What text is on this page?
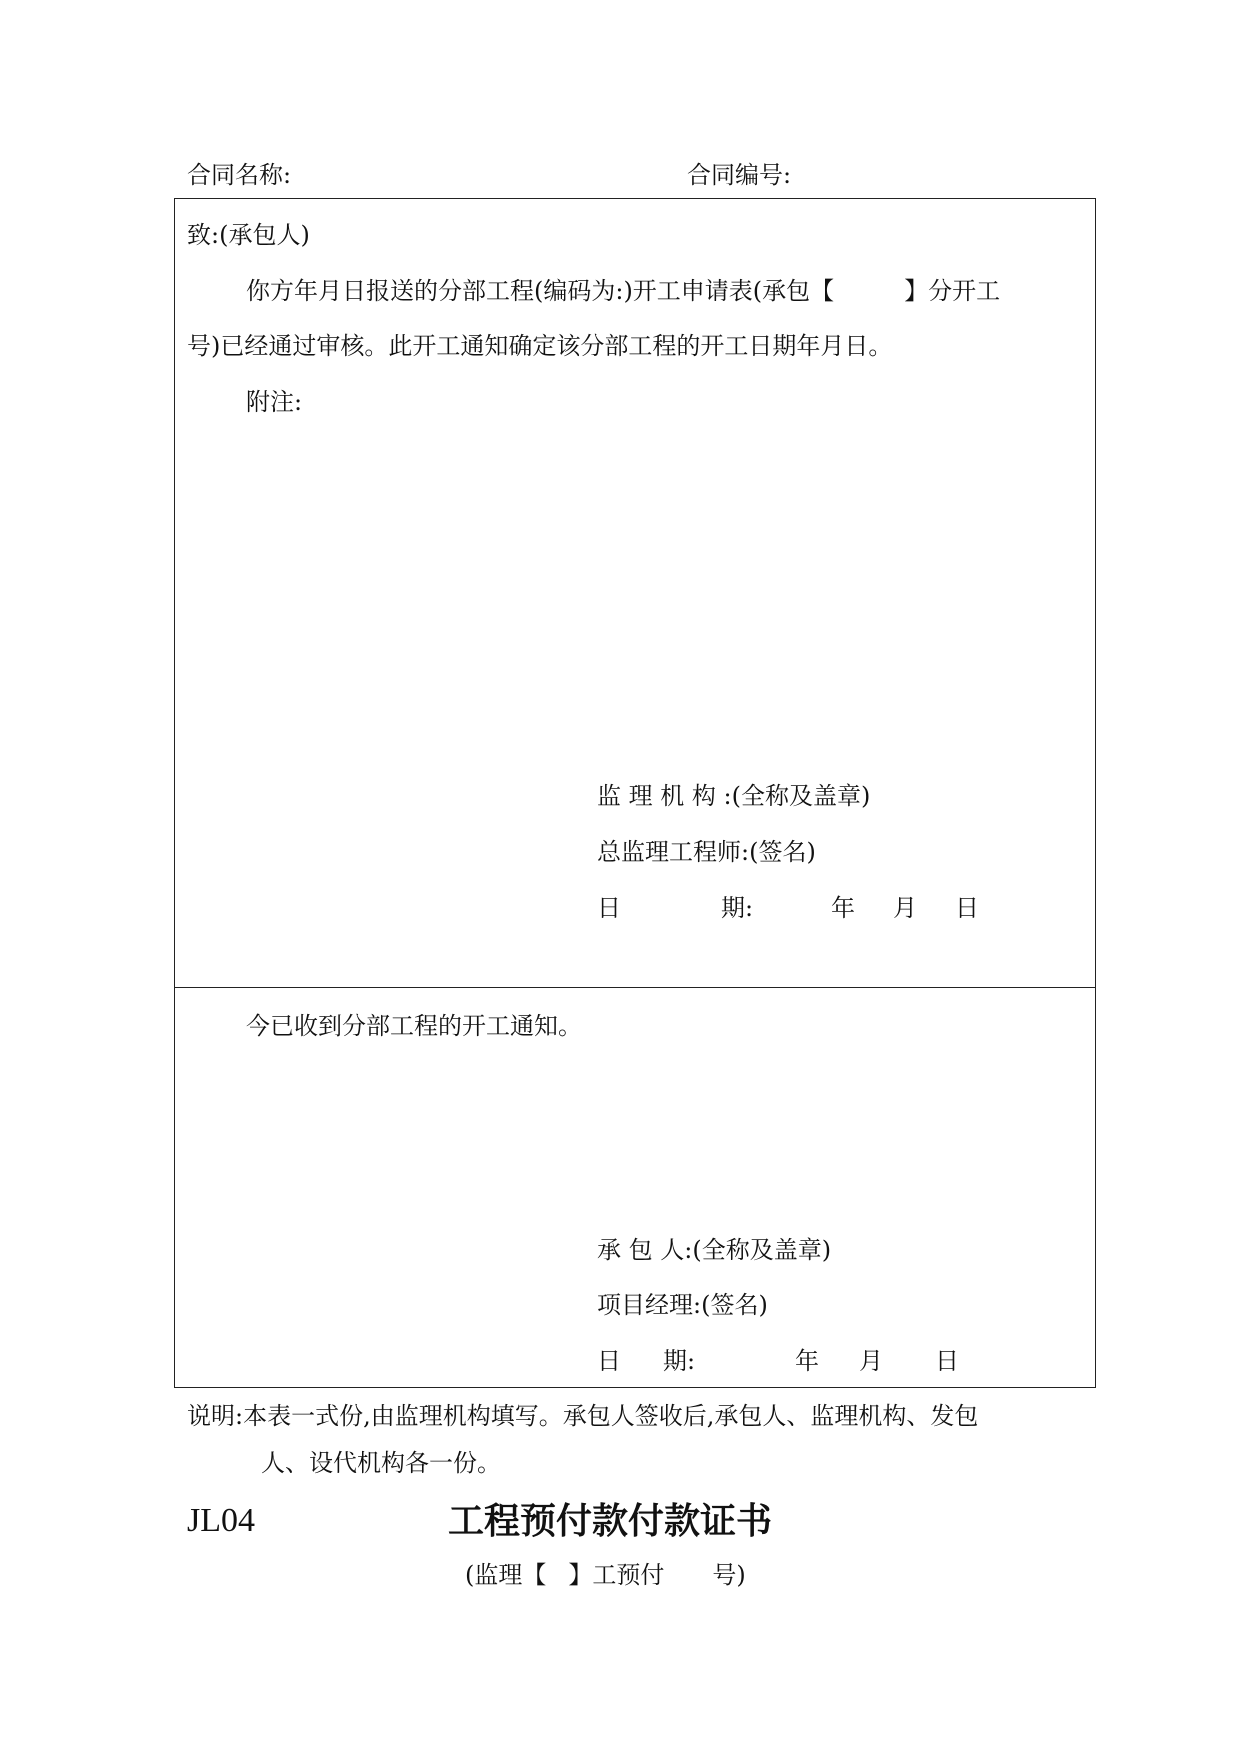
合同名称:	合同编号:
致:(承包人)
你方年月日报送的分部工程(编码为:)开工申请表(承包【	】分开工
号)已经通过审核。此开工通知确定该分部工程的开工日期年月日。
附注:
监 理 机 构 :(全称及盖章)
总监理工程师:(签名)
日	期:	年 月 日
今已收到分部工程的开工通知。
承 包 人:(全称及盖章)
项目经理:(签名)
日 期:	年 月 日
说明:本表一式份,由监理机构填写。承包人签收后,承包人、监理机构、发包
人、设代机构各一份。
JL04	工程预付款付款证书
(监理【 】工预付 号)
